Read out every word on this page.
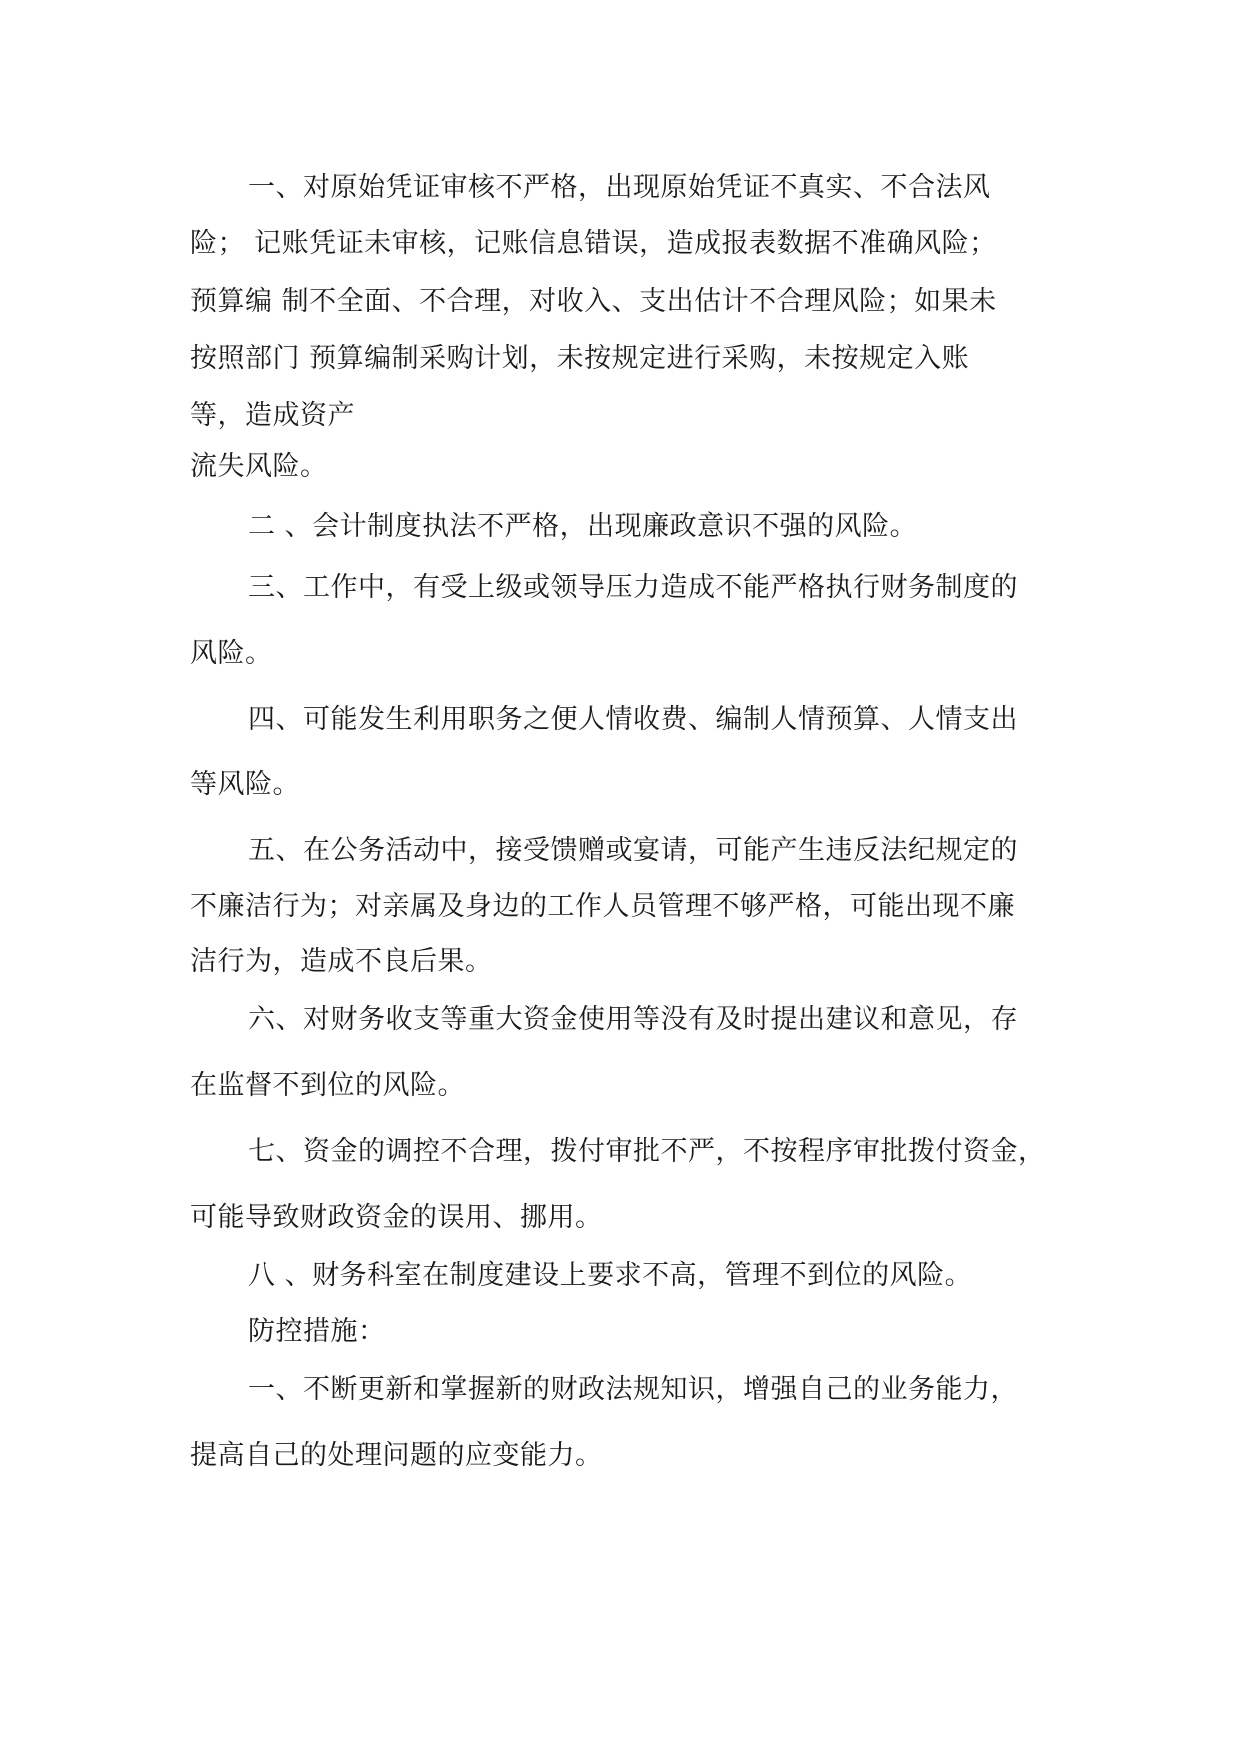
一、对原始凭证审核不严格，出现原始凭证不真实、不合法风

险； 记账凭证未审核，记账信息错误，造成报表数据不准确风险；

预算编 制不全面、不合理，对收入、支出估计不合理风险；如果未

按照部门 预算编制采购计划，未按规定进行采购，未按规定入账

等，造成资产

流失风险。

二 、会计制度执法不严格，出现廉政意识不强的风险。

三、工作中，有受上级或领导压力造成不能严格执行财务制度的

风险。

四、可能发生利用职务之便人情收费、编制人情预算、人情支出

等风险。

五、在公务活动中，接受馈赠或宴请，可能产生违反法纪规定的

不廉洁行为；对亲属及身边的工作人员管理不够严格，可能出现不廉

洁行为，造成不良后果。

六、对财务收支等重大资金使用等没有及时提出建议和意见，存

在监督不到位的风险。

七、资金的调控不合理，拨付审批不严，不按程序审批拨付资金，

可能导致财政资金的误用、挪用。

八 、财务科室在制度建设上要求不高，管理不到位的风险。

防控措施：

一、不断更新和掌握新的财政法规知识，增强自己的业务能力，

提高自己的处理问题的应变能力。
